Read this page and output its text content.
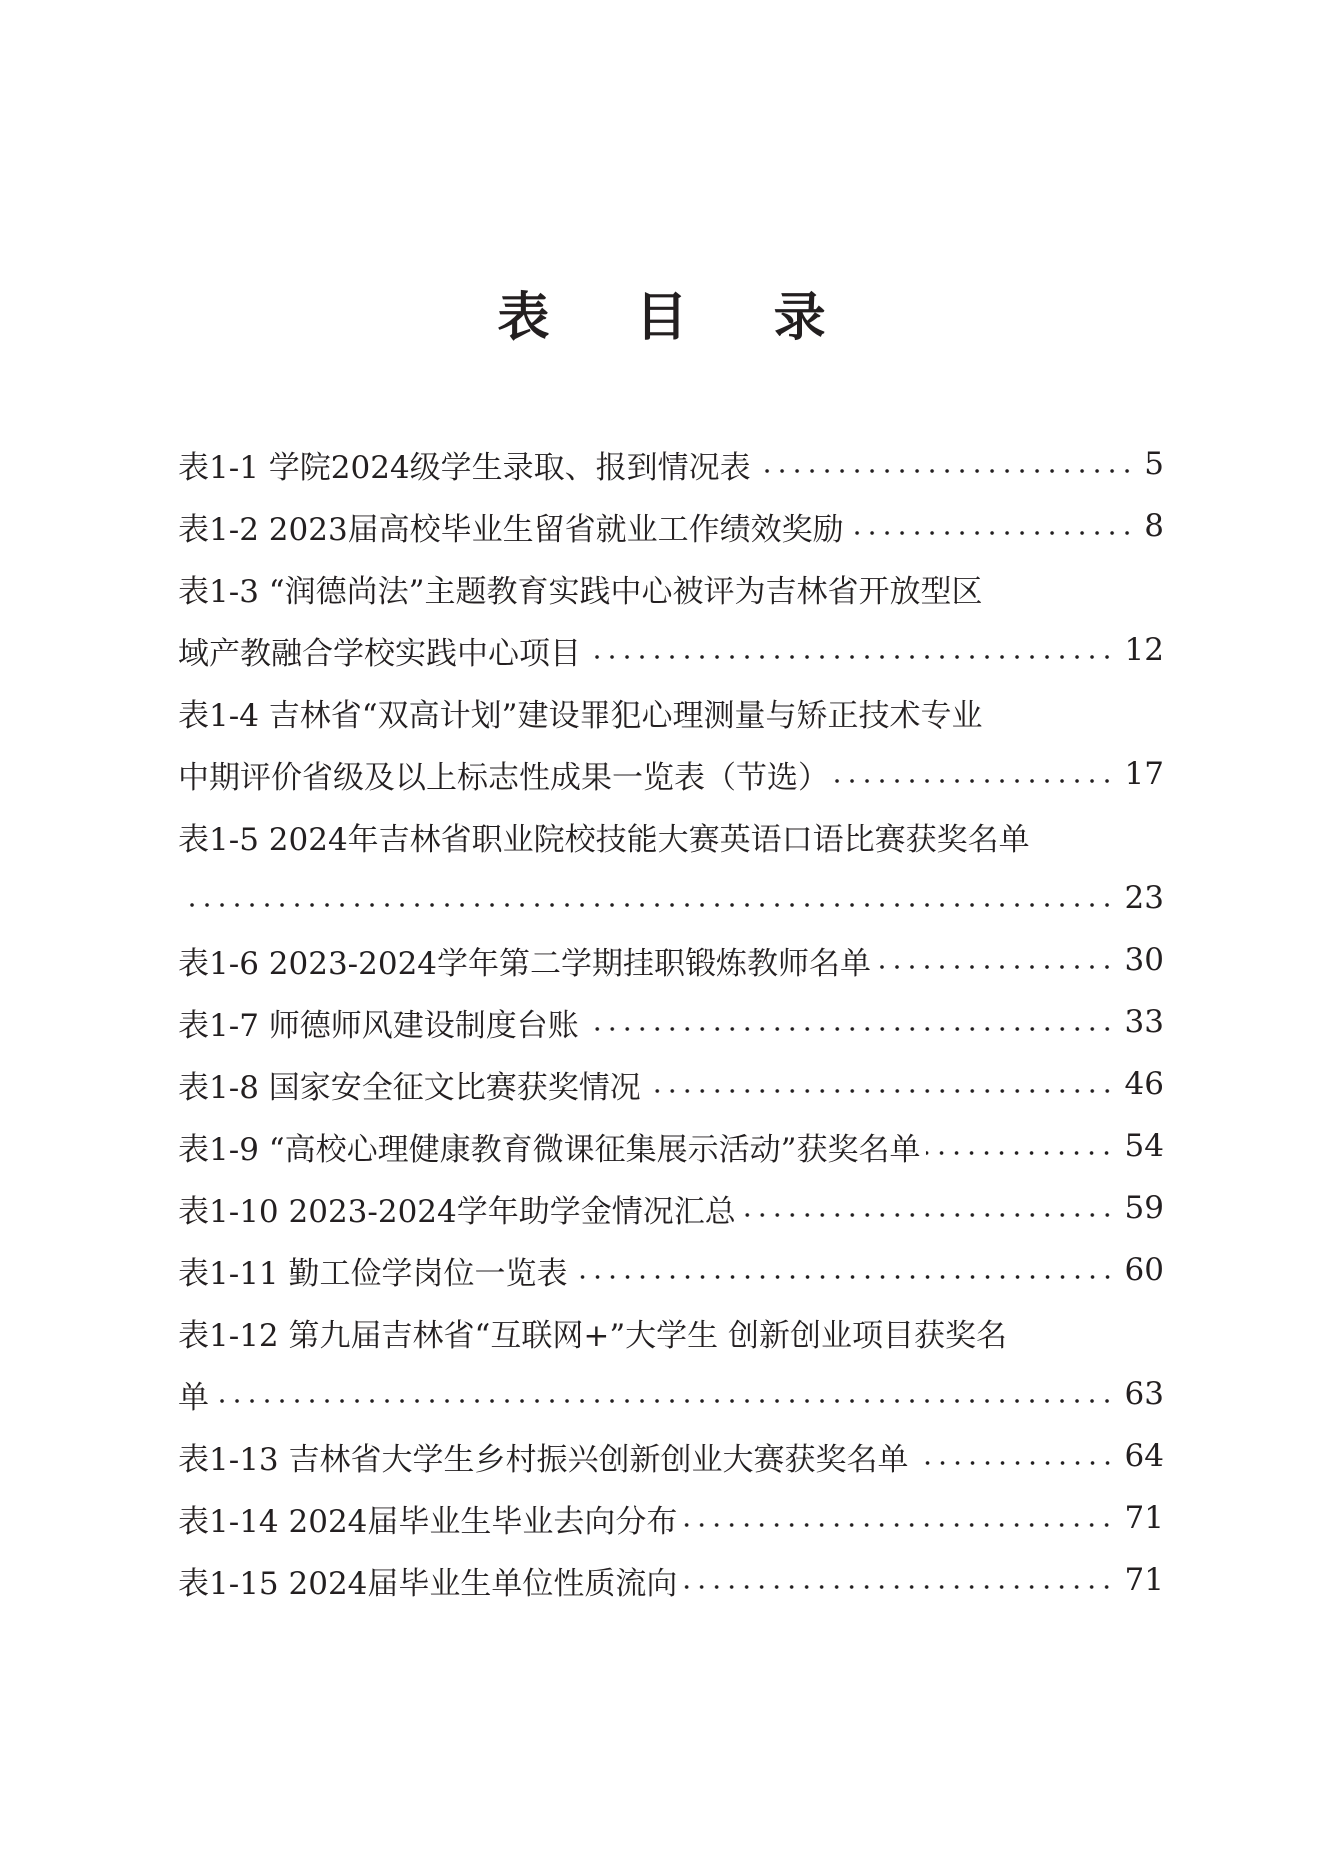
表 目 录
表1-1 学院2024级学生录取、报到情况表	5
表1-2 2023届高校毕业生留省就业工作绩效奖励	8
表1-3 “润德尚法”主题教育实践中心被评为吉林省开放型区
域产教融合学校实践中心项目	12
表1-4 吉林省“双高计划”建设罪犯心理测量与矫正技术专业
中期评价省级及以上标志性成果一览表（节选）	17
表1-5 2024年吉林省职业院校技能大赛英语口语比赛获奖名单
23
表1-6 2023-2024学年第二学期挂职锻炼教师名单	30
表1-7 师德师风建设制度台账	33
表1-8 国家安全征文比赛获奖情况	46
表1-9 “高校心理健康教育微课征集展示活动”获奖名单	54
表1-10 2023-2024学年助学金情况汇总	59
表1-11 勤工俭学岗位一览表	60
表1-12 第九届吉林省“互联网+”大学生 创新创业项目获奖名
单	63
表1-13 吉林省大学生乡村振兴创新创业大赛获奖名单	64
表1-14 2024届毕业生毕业去向分布	71
表1-15 2024届毕业生单位性质流向	71
